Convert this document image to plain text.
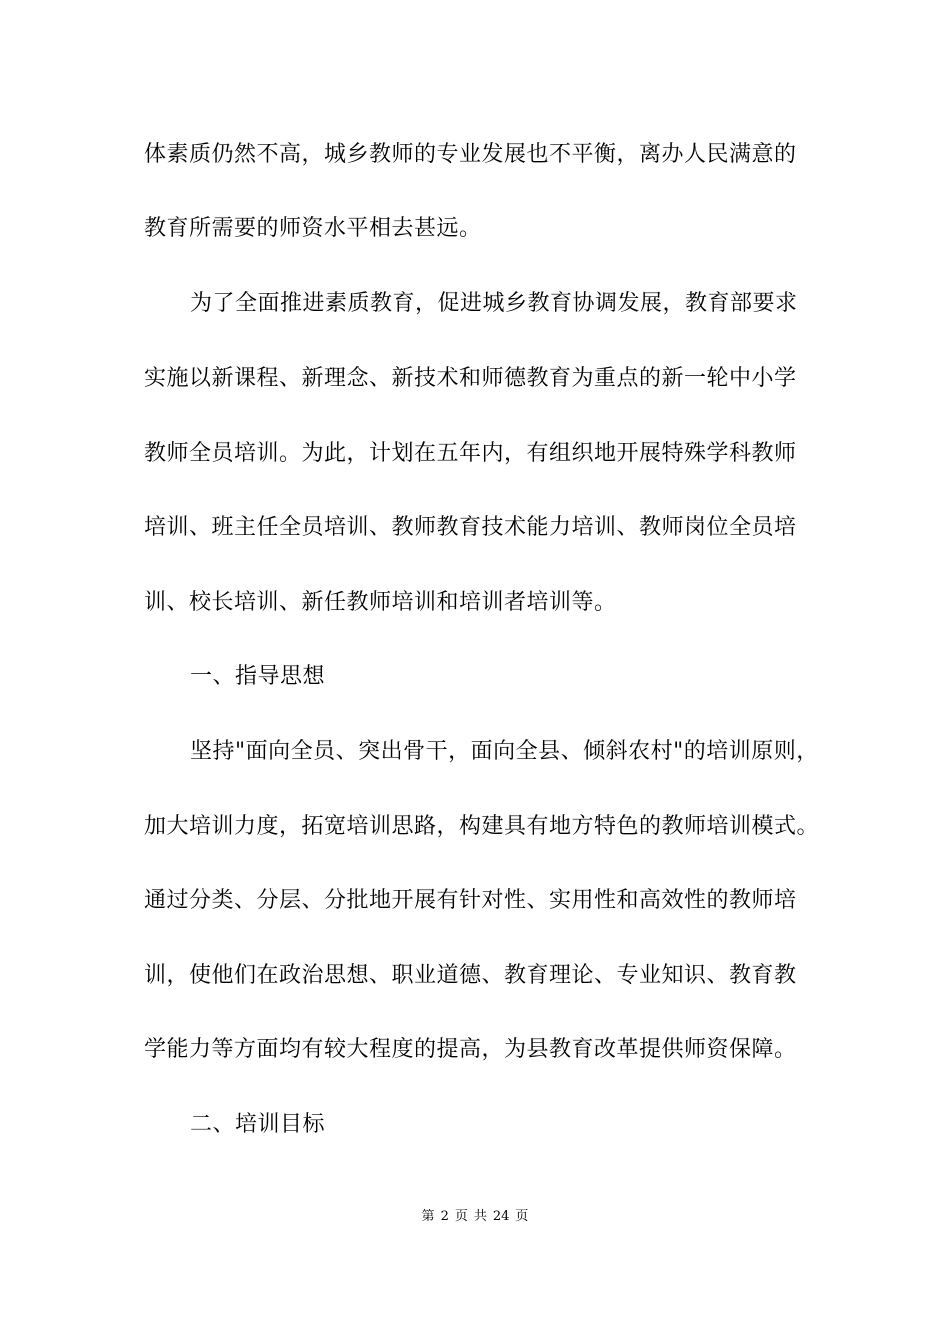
体素质仍然不高，城乡教师的专业发展也不平衡，离办人民满意的
教育所需要的师资水平相去甚远。
为了全面推进素质教育，促进城乡教育协调发展，教育部要求
实施以新课程、新理念、新技术和师德教育为重点的新一轮中小学
教师全员培训。为此，计划在五年内，有组织地开展特殊学科教师
培训、班主任全员培训、教师教育技术能力培训、教师岗位全员培
训、校长培训、新任教师培训和培训者培训等。
一、指导思想
坚持"面向全员、突出骨干，面向全县、倾斜农村"的培训原则，
加大培训力度，拓宽培训思路，构建具有地方特色的教师培训模式。
通过分类、分层、分批地开展有针对性、实用性和高效性的教师培
训，使他们在政治思想、职业道德、教育理论、专业知识、教育教
学能力等方面均有较大程度的提高，为县教育改革提供师资保障。
二、培训目标
第 2 页 共 24 页
